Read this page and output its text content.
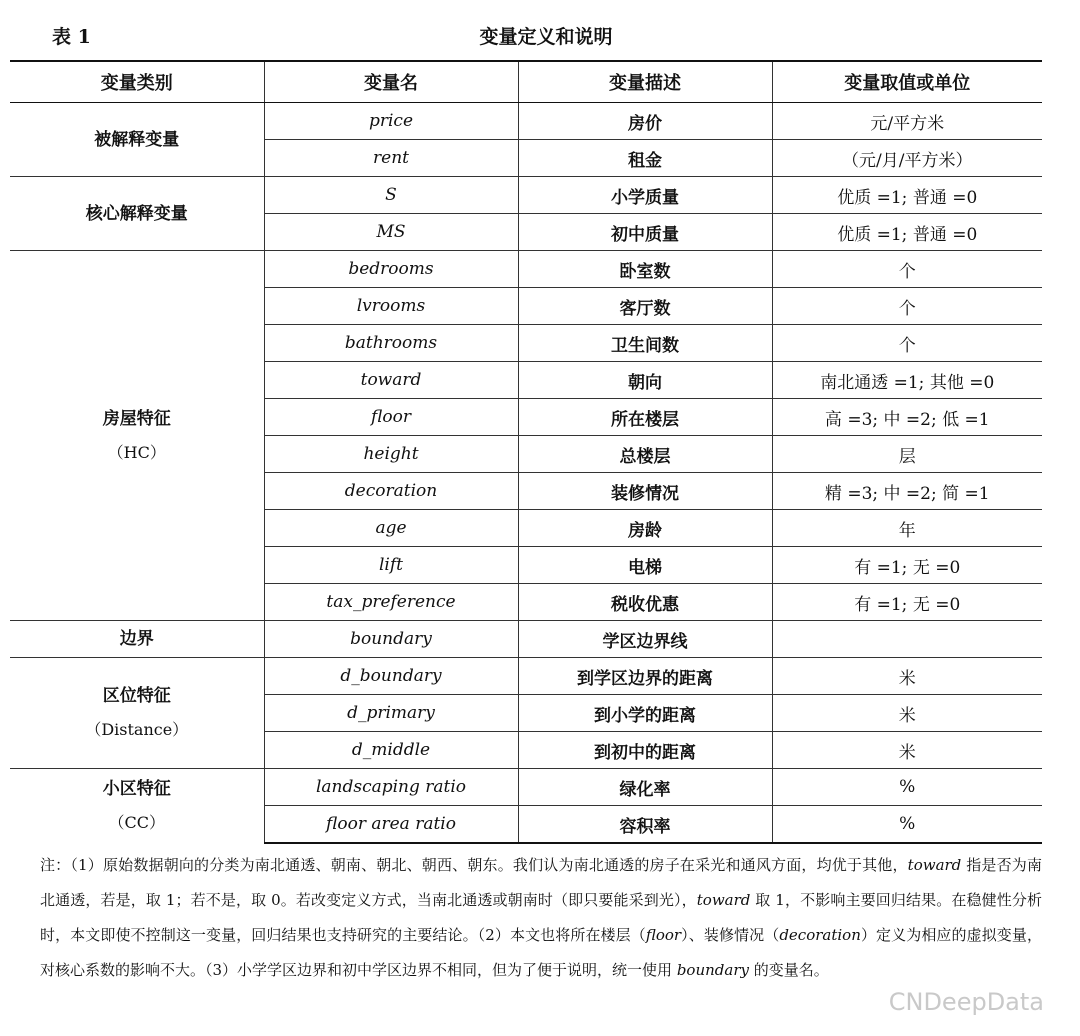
表 1	变量定义和说明
变量类别	变量名	变量描述	变量取值或单位

被解释变量	price	房价	元/平方米
	rent	租金	（元/月/平方米）

核心解释变量	S	小学质量	优质 =1; 普通 =0
	MS	初中质量	优质 =1; 普通 =0

房屋特征
（HC）	bedrooms	卧室数	个
	lvrooms	客厅数	个
	bathrooms	卫生间数	个
	toward	朝向	南北通透 =1; 其他 =0
	floor	所在楼层	高 =3; 中 =2; 低 =1
	height	总楼层	层
	decoration	装修情况	精 =3; 中 =2; 简 =1
	age	房龄	年
	lift	电梯	有 =1; 无 =0
	tax_preference	税收优惠	有 =1; 无 =0

边界	boundary	学区边界线	

区位特征
（Distance）	d_boundary	到学区边界的距离	米
	d_primary	到小学的距离	米
	d_middle	到初中的距离	米

小区特征
（CC）	landscaping ratio	绿化率	%
	floor area ratio	容积率	%

注：（1）原始数据朝向的分类为南北通透、朝南、朝北、朝西、朝东。我们认为南北通透的房子在采光和通风方面，均优于其他，toward 指是否为南北通透，若是，取 1；若不是，取 0。若改变定义方式，当南北通透或朝南时（即只要能采到光），toward 取 1，不影响主要回归结果。在稳健性分析时，本文即使不控制这一变量，回归结果也支持研究的主要结论。（2）本文也将所在楼层（floor）、装修情况（decoration）定义为相应的虚拟变量，对核心系数的影响不大。（3）小学学区边界和初中学区边界不相同，但为了便于说明，统一使用 boundary 的变量名。

CNDeepData
